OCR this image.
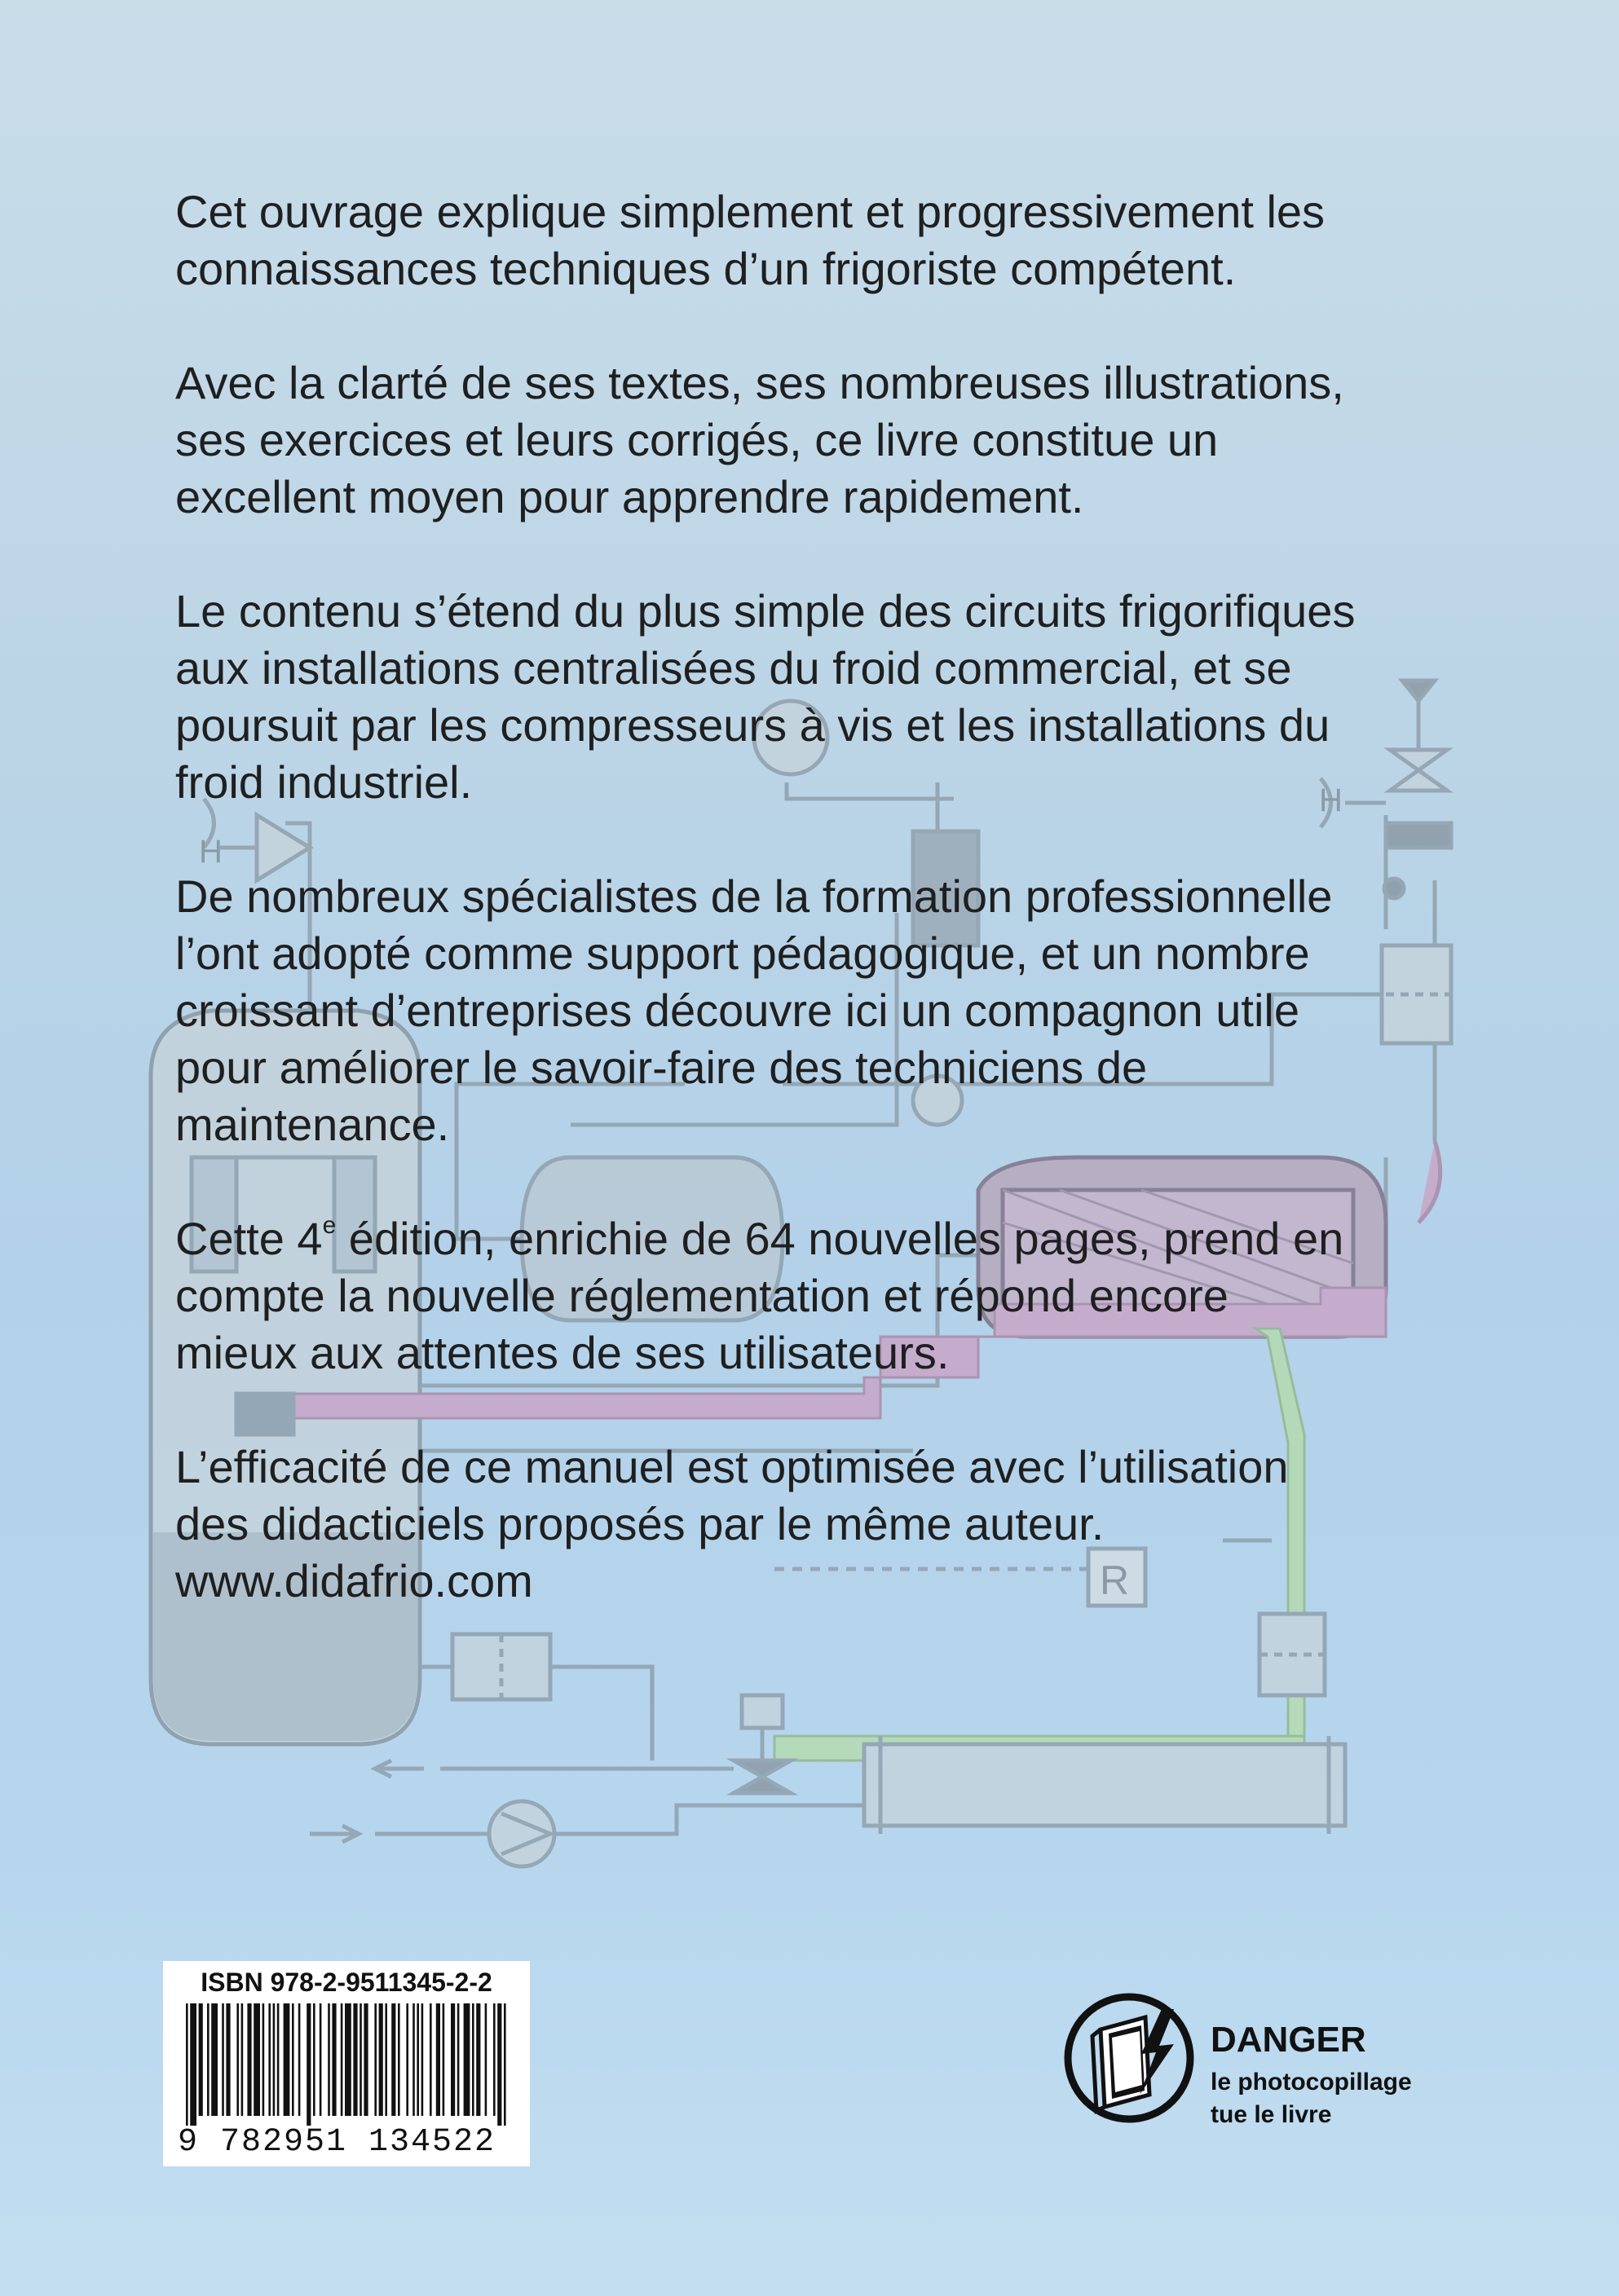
H
H
R

Cet ouvrage explique simplement et progressivement les
connaissances techniques d’un frigoriste compétent.

Avec la clarté de ses textes, ses nombreuses illustrations,
ses exercices et leurs corrigés, ce livre constitue un
excellent moyen pour apprendre rapidement.

Le contenu s’étend du plus simple des circuits frigorifiques
aux installations centralisées du froid commercial, et se
poursuit par les compresseurs à vis et les installations du
froid industriel.

De nombreux spécialistes de la formation professionnelle
l’ont adopté comme support pédagogique, et un nombre
croissant d’entreprises découvre ici un compagnon utile
pour améliorer le savoir-faire des techniciens de
maintenance.

Cette 4e édition, enrichie de 64 nouvelles pages, prend en
compte la nouvelle réglementation et répond encore
mieux aux attentes de ses utilisateurs.

L’efficacité de ce manuel est optimisée avec l’utilisation
des didacticiels proposés par le même auteur.
www.didafrio.com

ISBN 978-2-9511345-2-2
9 782951 134522
DANGER
le photocopillage
tue le livre
